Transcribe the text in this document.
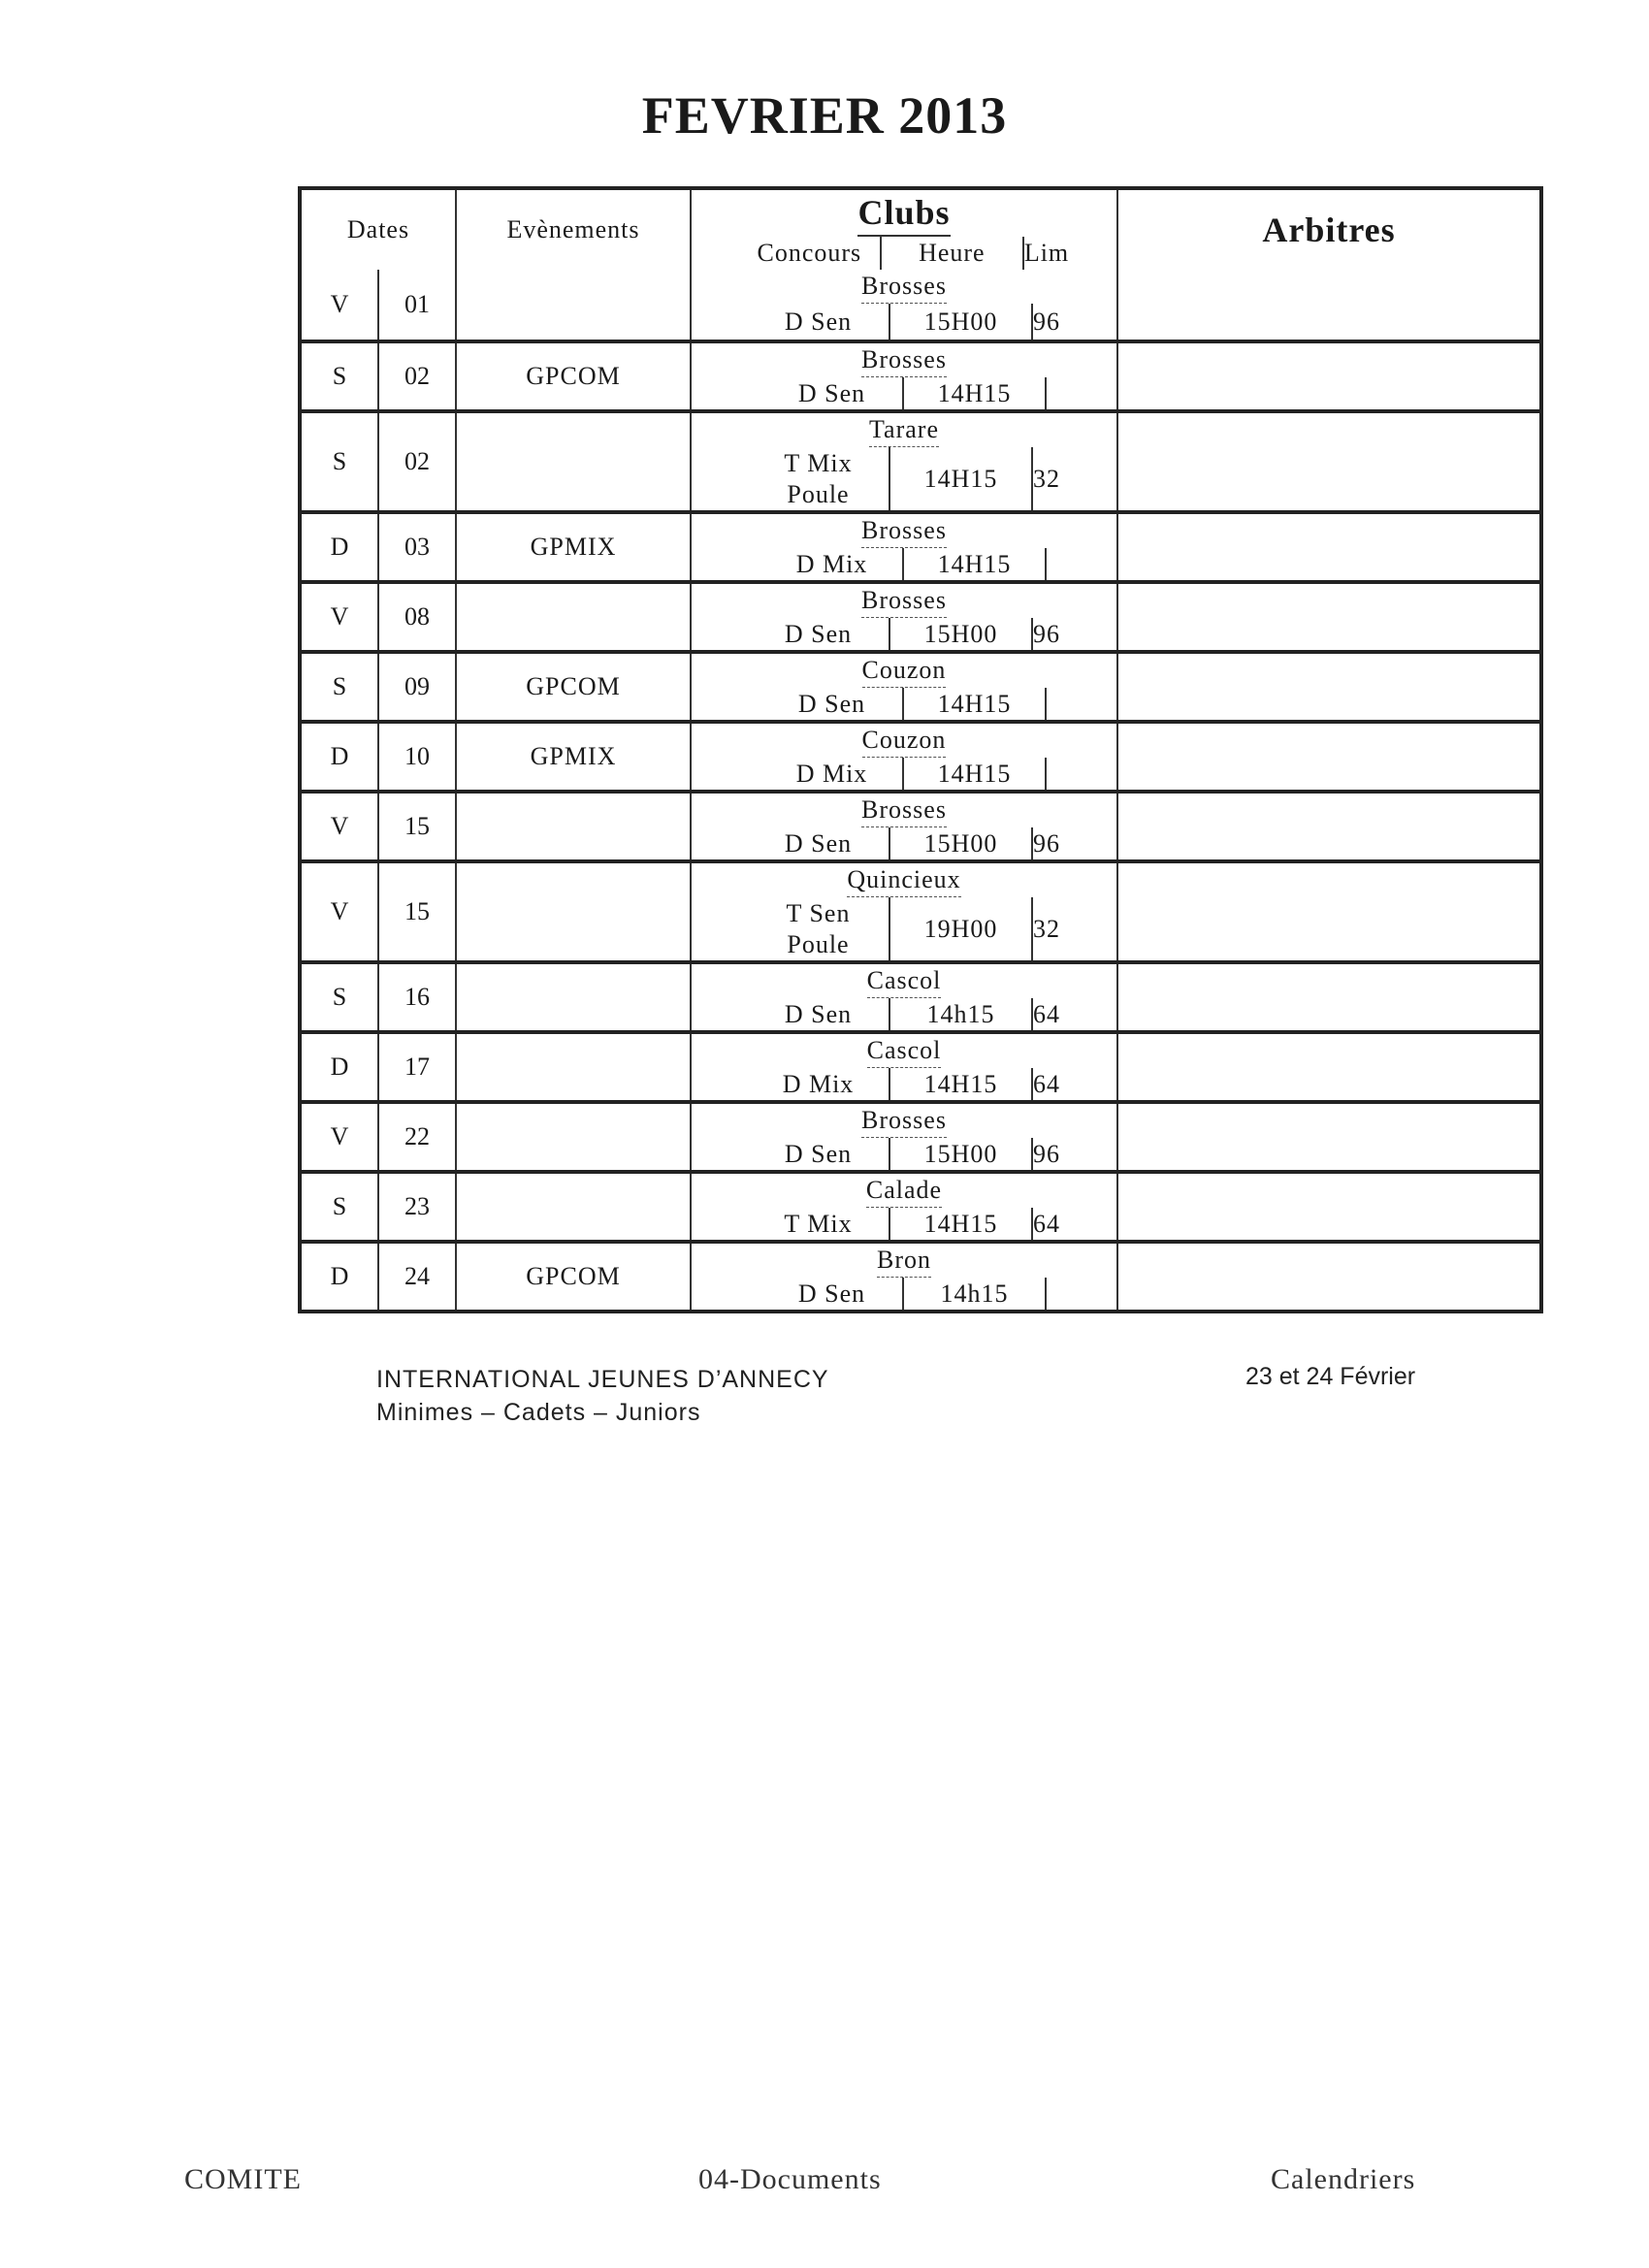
FEVRIER 2013
Dates	Evènements	Clubs
Concours	Heure	Lim
Arbitres
V	01
Brosses
D Sen	15H00	96
S	02	GPCOM
Brosses
D Sen	14H15
S	02
Tarare
T Mix
Poule
14H15	32
D	03	GPMIX
Brosses
D Mix	14H15
V	08
Brosses
D Sen	15H00	96
S	09	GPCOM
Couzon
D Sen	14H15
D	10	GPMIX
Couzon
D Mix	14H15
V	15
Brosses
D Sen	15H00	96
V	15
Quincieux
T Sen
Poule
19H00	32
S	16
Cascol
D Sen	14h15	64
D	17
Cascol
D Mix	14H15	64
V	22
Brosses
D Sen	15H00	96
S	23
Calade
T Mix	14H15	64
D	24	GPCOM
Bron
D Sen	14h15
INTERNATIONAL JEUNES D’ANNECY
Minimes – Cadets – Juniors
23 et 24 Février
COMITE	04-Documents	Calendriers
